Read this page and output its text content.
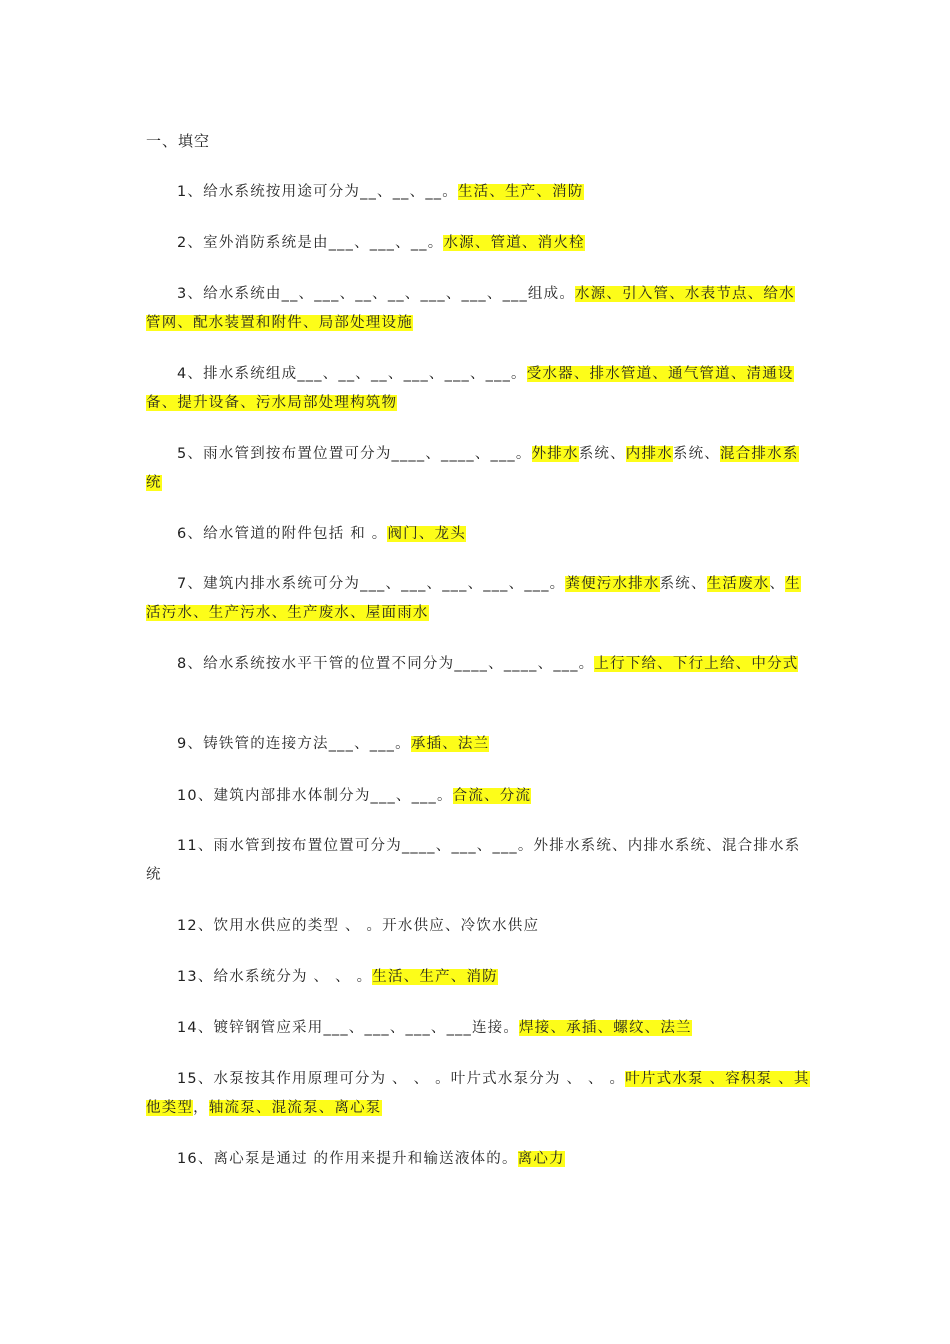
一、填空
1、给水系统按用途可分为__、__、__。生活、生产、消防
2、室外消防系统是由___、___、__。水源、管道、消火栓
3、给水系统由__、___、__、__、___、___、___组成。水源、引入管、水表节点、给水管网、配水装置和附件、局部处理设施
4、排水系统组成___、__、__、___、___、___。受水器、排水管道、通气管道、清通设备、提升设备、污水局部处理构筑物
5、雨水管到按布置位置可分为____、____、___。外排水系统、内排水系统、混合排水系统
6、给水管道的附件包括 和 。阀门、龙头
7、建筑内排水系统可分为___、___、___、___、___。粪便污水排水系统、生活废水、生活污水、生产污水、生产废水、屋面雨水
8、给水系统按水平干管的位置不同分为____、____、___。上行下给、下行上给、中分式
9、铸铁管的连接方法___、___。承插、法兰
10、建筑内部排水体制分为___、___。合流、分流
11、雨水管到按布置位置可分为____、___、___。外排水系统、内排水系统、混合排水系统
12、饮用水供应的类型 、 。开水供应、冷饮水供应
13、给水系统分为 、 、 。生活、生产、消防
14、镀锌钢管应采用___、___、___、___连接。焊接、承插、螺纹、法兰
15、水泵按其作用原理可分为 、 、 。叶片式水泵分为 、 、 。叶片式水泵 、容积泵 、其他类型，轴流泵、混流泵、离心泵
16、离心泵是通过 的作用来提升和输送液体的。离心力
